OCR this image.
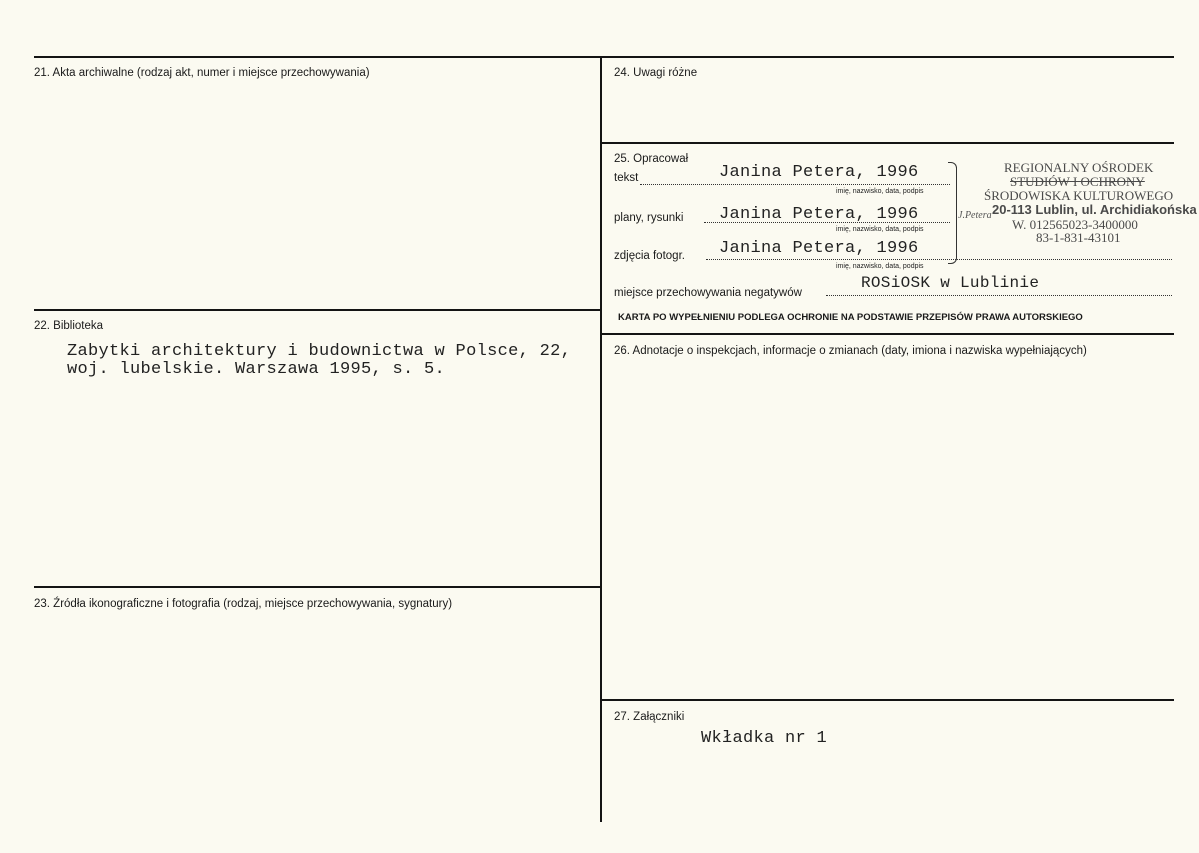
21. Akta archiwalne (rodzaj akt, numer i miejsce przechowywania)
22. Biblioteka
Zabytki architektury i budownictwa w Polsce, 22,
woj. lubelskie. Warszawa 1995, s. 5.
23. Źródła ikonograficzne i fotografia (rodzaj, miejsce przechowywania, sygnatury)
24. Uwagi różne
25. Opracował
tekst	Janina Petera, 1996
imię, nazwisko, data, podpis
plany, rysunki Janina Petera, 1996
imię, nazwisko, data, podpis
zdjęcia fotogr. Janina Petera, 1996
imię, nazwisko, data, podpis
miejsce przechowywania negatywów
ROSiOSK w Lublinie
KARTA PO WYPEŁNIENIU PODLEGA OCHRONIE NA PODSTAWIE PRZEPISÓW PRAWA AUTORSKIEGO
REGIONALNY OŚRODEK
STUDIÓW I OCHRONY
ŚRODOWISKA KULTUROWEGO
20-113 Lublin, ul. Archidiakońska
W. 012565023-3400000
83-1-831-43101
J.Petera
26. Adnotacje o inspekcjach, informacje o zmianach (daty, imiona i nazwiska wypełniających)
27. Załączniki
Wkładka nr 1
